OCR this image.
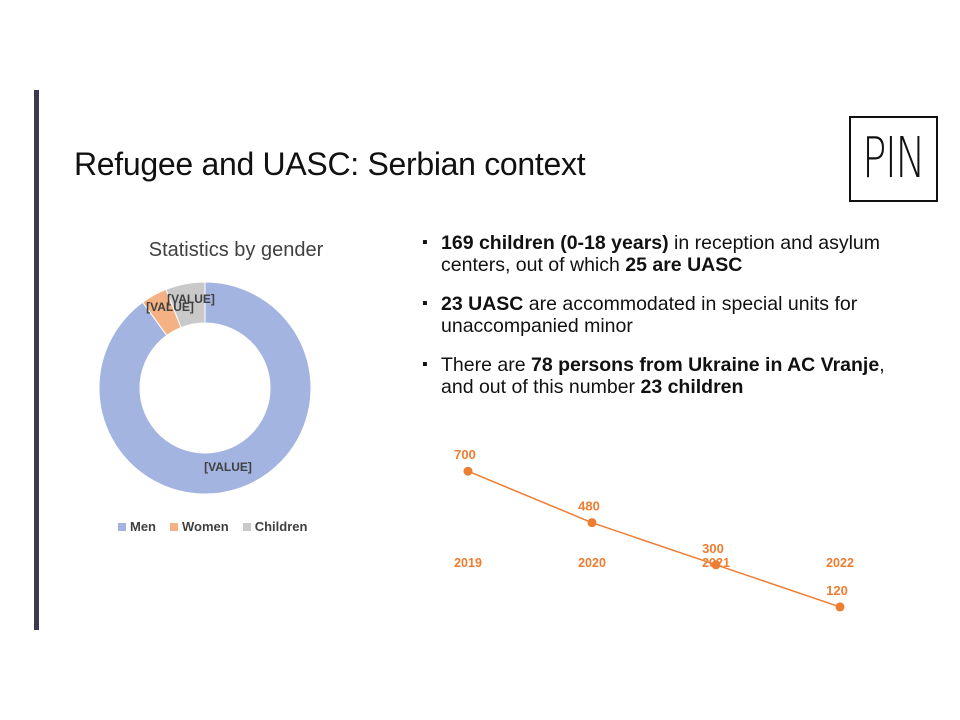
Refugee and UASC: Serbian context	PIN
Statistics by gender
[VALUE]
[VALUE]
[VALUE]
Men Women Children
▪ 169 children (0-18 years) in reception and asylum centers, out of which 25 are UASC
▪ 23 UASC are accommodated in special units for unaccompanied minor
▪ There are 78 persons from Ukraine in AC Vranje, and out of this number 23 children
700
2019
480
2020
300
2021
120
2022
